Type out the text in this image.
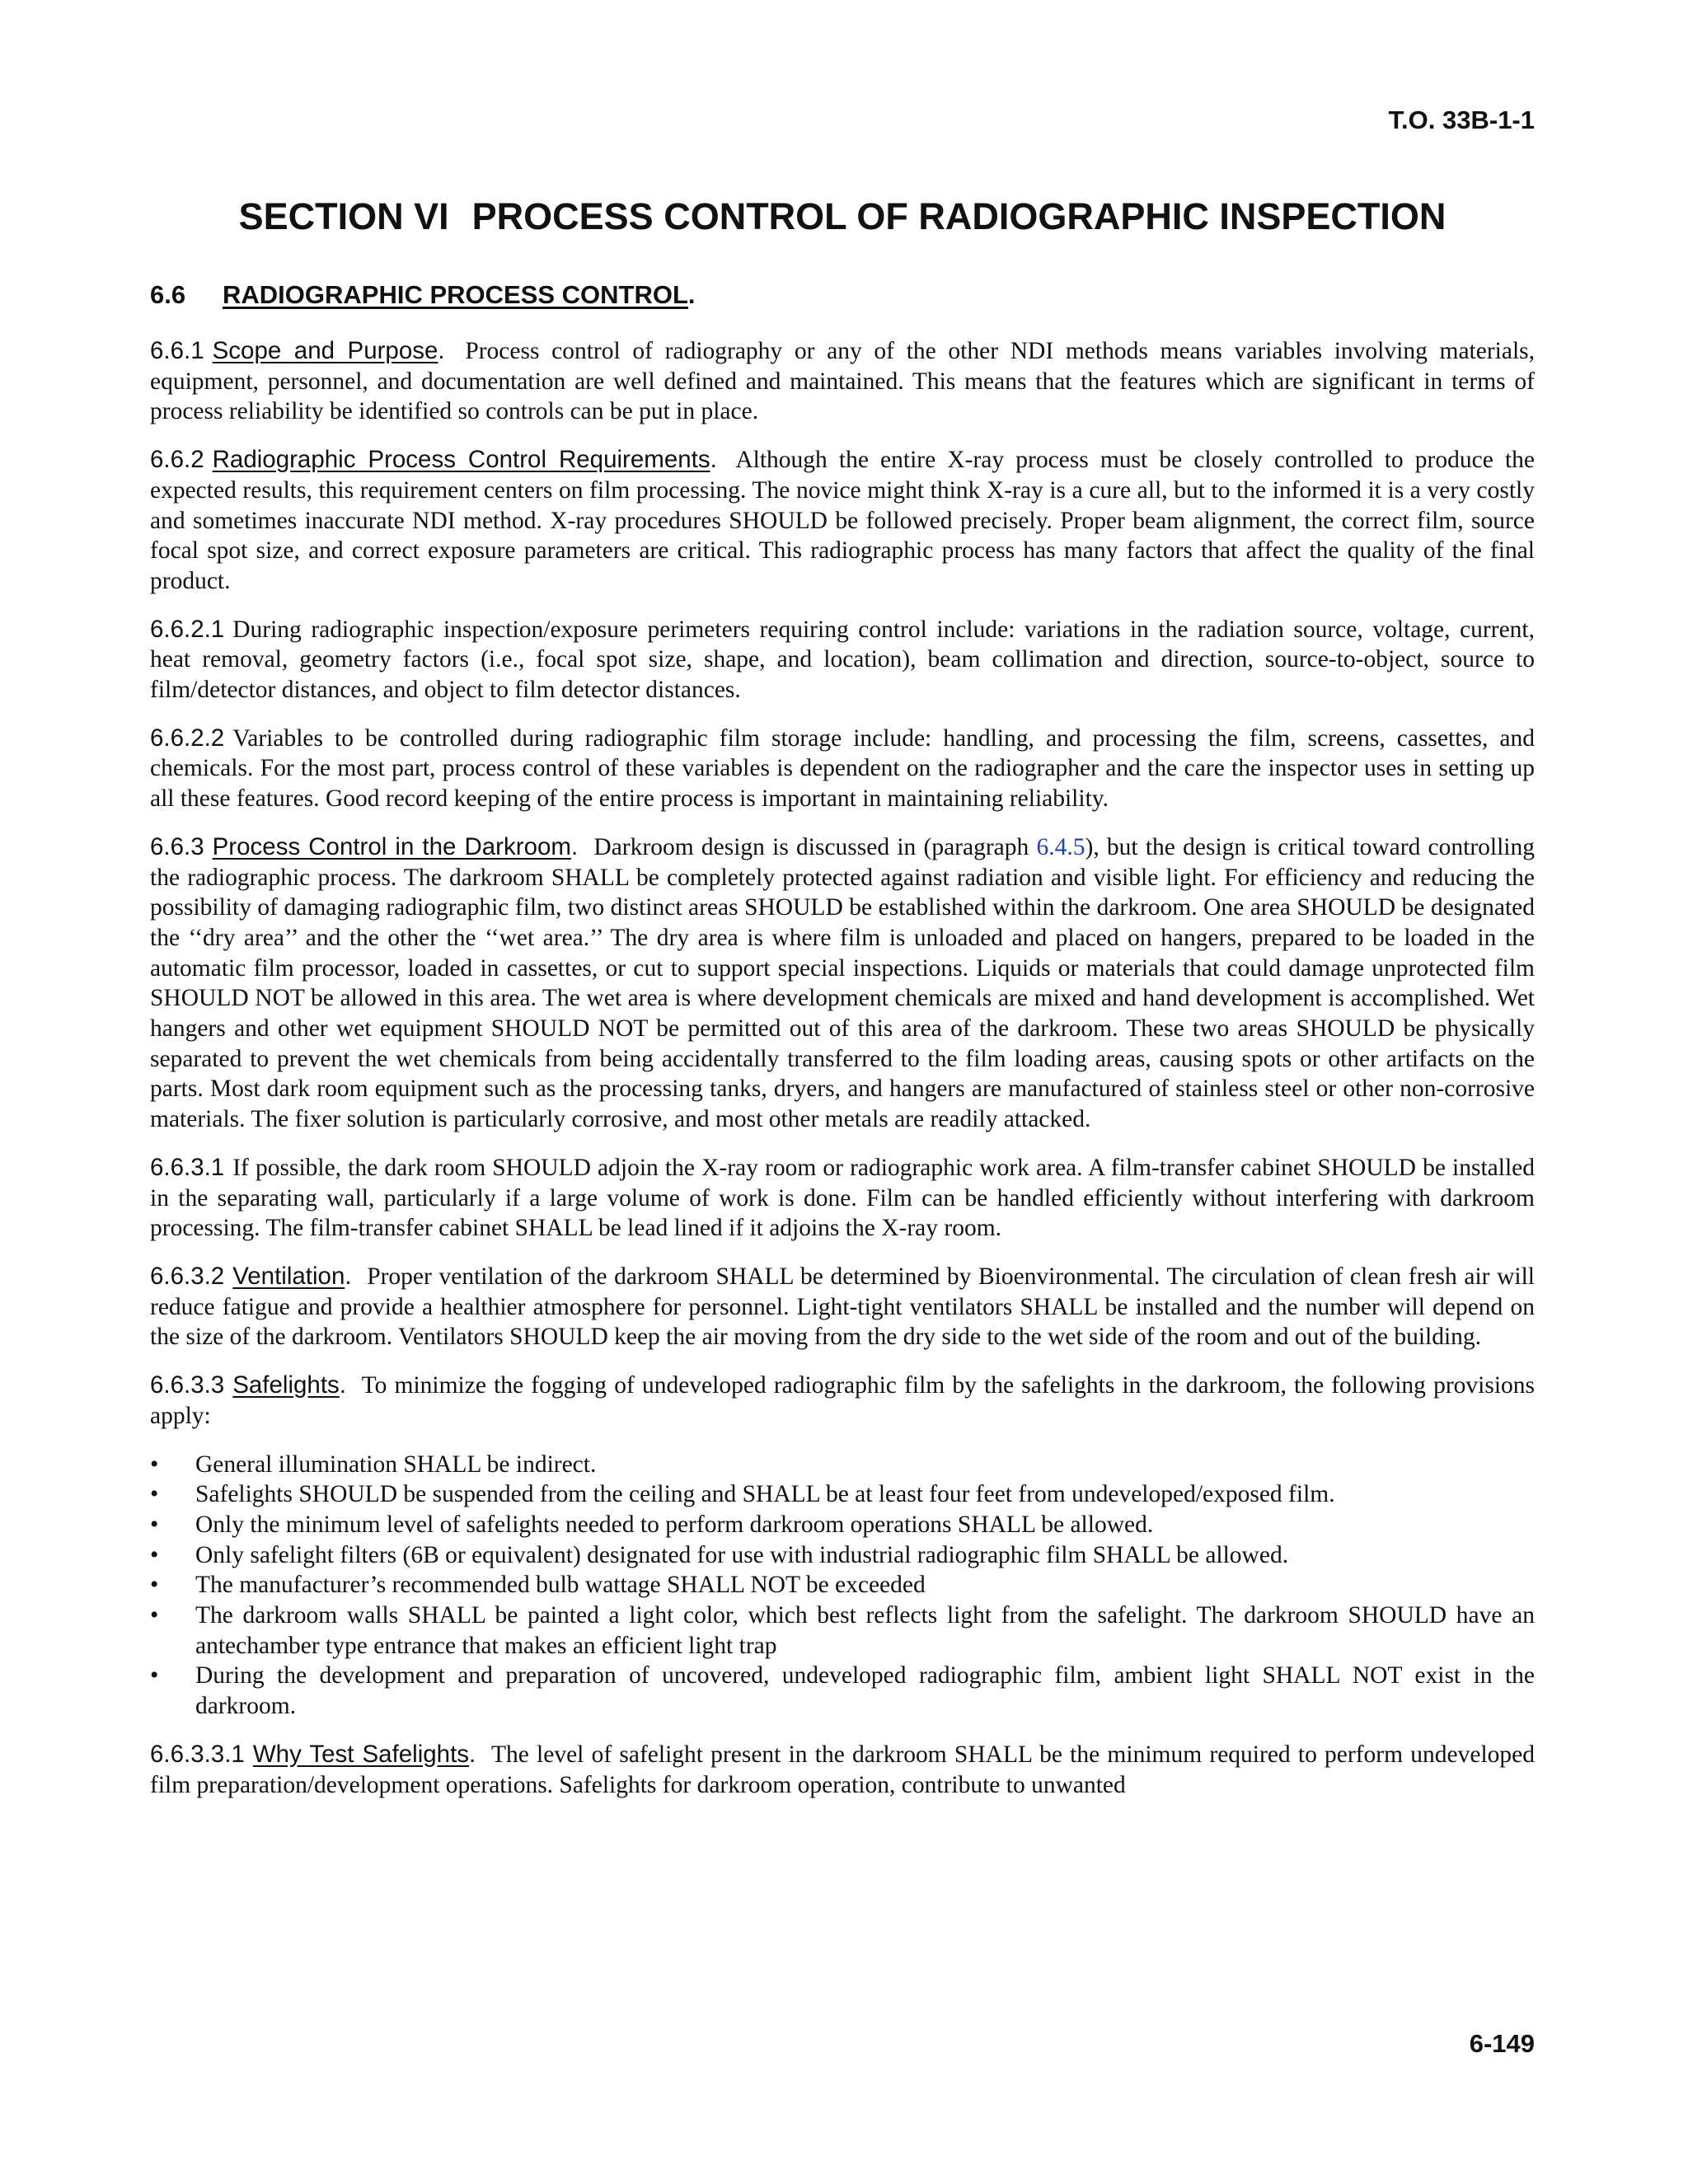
T.O. 33B-1-1
SECTION VI PROCESS CONTROL OF RADIOGRAPHIC INSPECTION
6.6 RADIOGRAPHIC PROCESS CONTROL.

6.6.1 Scope and Purpose. Process control of radiography or any of the other NDI methods means variables involving materials, equipment, personnel, and documentation are well defined and maintained. This means that the features which are significant in terms of process reliability be identified so controls can be put in place.

6.6.2 Radiographic Process Control Requirements. Although the entire X-ray process must be closely controlled to produce the expected results, this requirement centers on film processing. The novice might think X-ray is a cure all, but to the informed it is a very costly and sometimes inaccurate NDI method. X-ray procedures SHOULD be followed precisely. Proper beam alignment, the correct film, source focal spot size, and correct exposure parameters are critical. This radiographic process has many factors that affect the quality of the final product.

6.6.2.1 During radiographic inspection/exposure perimeters requiring control include: variations in the radiation source, voltage, current, heat removal, geometry factors (i.e., focal spot size, shape, and location), beam collimation and direction, source-to-object, source to film/detector distances, and object to film detector distances.

6.6.2.2 Variables to be controlled during radiographic film storage include: handling, and processing the film, screens, cassettes, and chemicals. For the most part, process control of these variables is dependent on the radiographer and the care the inspector uses in setting up all these features. Good record keeping of the entire process is important in maintaining reliability.

6.6.3 Process Control in the Darkroom. Darkroom design is discussed in (paragraph 6.4.5), but the design is critical toward controlling the radiographic process. The darkroom SHALL be completely protected against radiation and visible light. For efficiency and reducing the possibility of damaging radiographic film, two distinct areas SHOULD be established within the darkroom. One area SHOULD be designated the ‘‘dry area’’ and the other the ‘‘wet area.’’ The dry area is where film is unloaded and placed on hangers, prepared to be loaded in the automatic film processor, loaded in cassettes, or cut to support special inspections. Liquids or materials that could damage unprotected film SHOULD NOT be allowed in this area. The wet area is where development chemicals are mixed and hand development is accomplished. Wet hangers and other wet equipment SHOULD NOT be permitted out of this area of the darkroom. These two areas SHOULD be physically separated to prevent the wet chemicals from being accidentally transferred to the film loading areas, causing spots or other artifacts on the parts. Most dark room equipment such as the processing tanks, dryers, and hangers are manufactured of stainless steel or other non-corrosive materials. The fixer solution is particularly corrosive, and most other metals are readily attacked.

6.6.3.1 If possible, the dark room SHOULD adjoin the X-ray room or radiographic work area. A film-transfer cabinet SHOULD be installed in the separating wall, particularly if a large volume of work is done. Film can be handled efficiently without interfering with darkroom processing. The film-transfer cabinet SHALL be lead lined if it adjoins the X-ray room.

6.6.3.2 Ventilation. Proper ventilation of the darkroom SHALL be determined by Bioenvironmental. The circulation of clean fresh air will reduce fatigue and provide a healthier atmosphere for personnel. Light-tight ventilators SHALL be installed and the number will depend on the size of the darkroom. Ventilators SHOULD keep the air moving from the dry side to the wet side of the room and out of the building.

6.6.3.3 Safelights. To minimize the fogging of undeveloped radiographic film by the safelights in the darkroom, the following provisions apply:

• General illumination SHALL be indirect.
• Safelights SHOULD be suspended from the ceiling and SHALL be at least four feet from undeveloped/exposed film.
• Only the minimum level of safelights needed to perform darkroom operations SHALL be allowed.
• Only safelight filters (6B or equivalent) designated for use with industrial radiographic film SHALL be allowed.
• The manufacturer’s recommended bulb wattage SHALL NOT be exceeded
• The darkroom walls SHALL be painted a light color, which best reflects light from the safelight. The darkroom SHOULD have an antechamber type entrance that makes an efficient light trap
• During the development and preparation of uncovered, undeveloped radiographic film, ambient light SHALL NOT exist in the darkroom.

6.6.3.3.1 Why Test Safelights. The level of safelight present in the darkroom SHALL be the minimum required to perform undeveloped film preparation/development operations. Safelights for darkroom operation, contribute to unwanted

6-149
